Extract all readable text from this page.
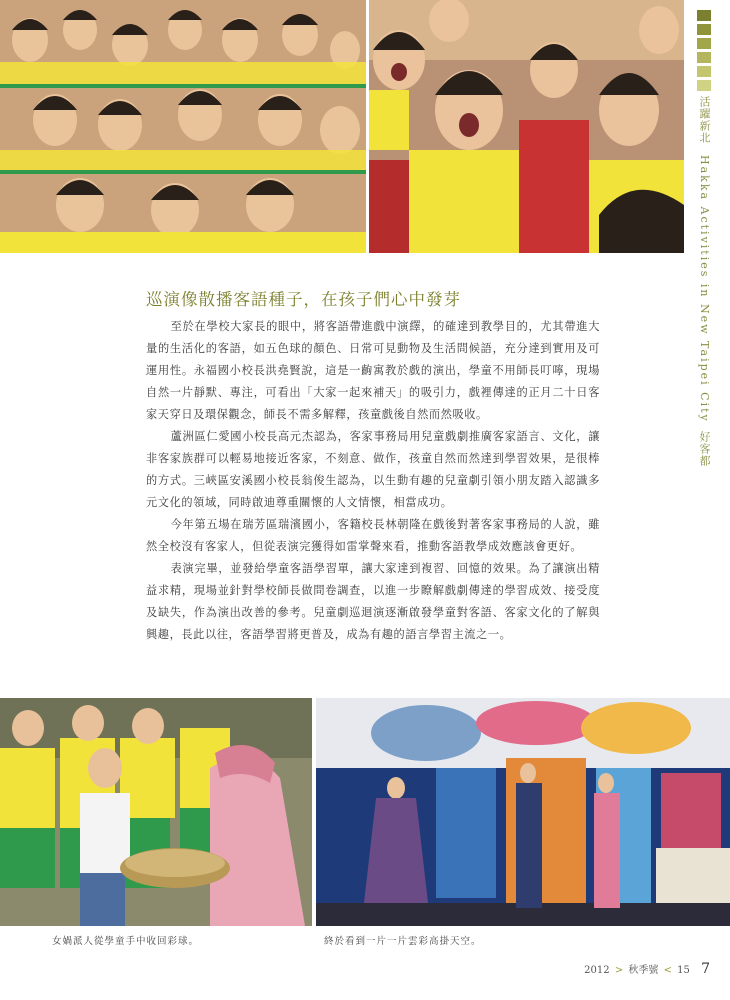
活躍新北 Hakka Activities in New Taipei City 好客都
巡演像散播客語種子，在孩子們心中發芽

至於在學校大家長的眼中，將客語帶進戲中演繹，的確達到教學目的，尤其帶進大量的生活化的客語，如五色球的顏色、日常可見動物及生活問候語，充分達到實用及可運用性。永福國小校長洪堯賢說，這是一齣寓教於戲的演出，學童不用師長叮嚀，現場自然一片靜默、專注，可看出「大家一起來補天」的吸引力，戲裡傳達的正月二十日客家天穿日及環保觀念，師長不需多解釋，孩童戲後自然而然吸收。

蘆洲區仁愛國小校長高元杰認為，客家事務局用兒童戲劇推廣客家語言、文化，讓非客家族群可以輕易地接近客家，不刻意、做作，孩童自然而然達到學習效果，是很棒的方式。三峽區安溪國小校長翁俊生認為，以生動有趣的兒童劇引領小朋友踏入認識多元文化的領域，同時啟迪尊重關懷的人文情懷，相當成功。

今年第五場在瑞芳區瑞濱國小，客籍校長林朝隆在戲後對著客家事務局的人說，雖然全校沒有客家人，但從表演完獲得如雷掌聲來看，推動客語教學成效應該會更好。

表演完畢，並發給學童客語學習單，讓大家達到複習、回憶的效果。為了讓演出精益求精，現場並針對學校師長做問卷調查，以進一步瞭解戲劇傳達的學習成效、接受度及缺失，作為演出改善的參考。兒童劇巡迴演逐漸啟發學童對客語、客家文化的了解與興趣，長此以往，客語學習將更普及，成為有趣的語言學習主流之一。

女媧派人從學童手中收回彩球。	終於看到一片一片雲彩高掛天空。
2012 > 秋季號 < 15 7
